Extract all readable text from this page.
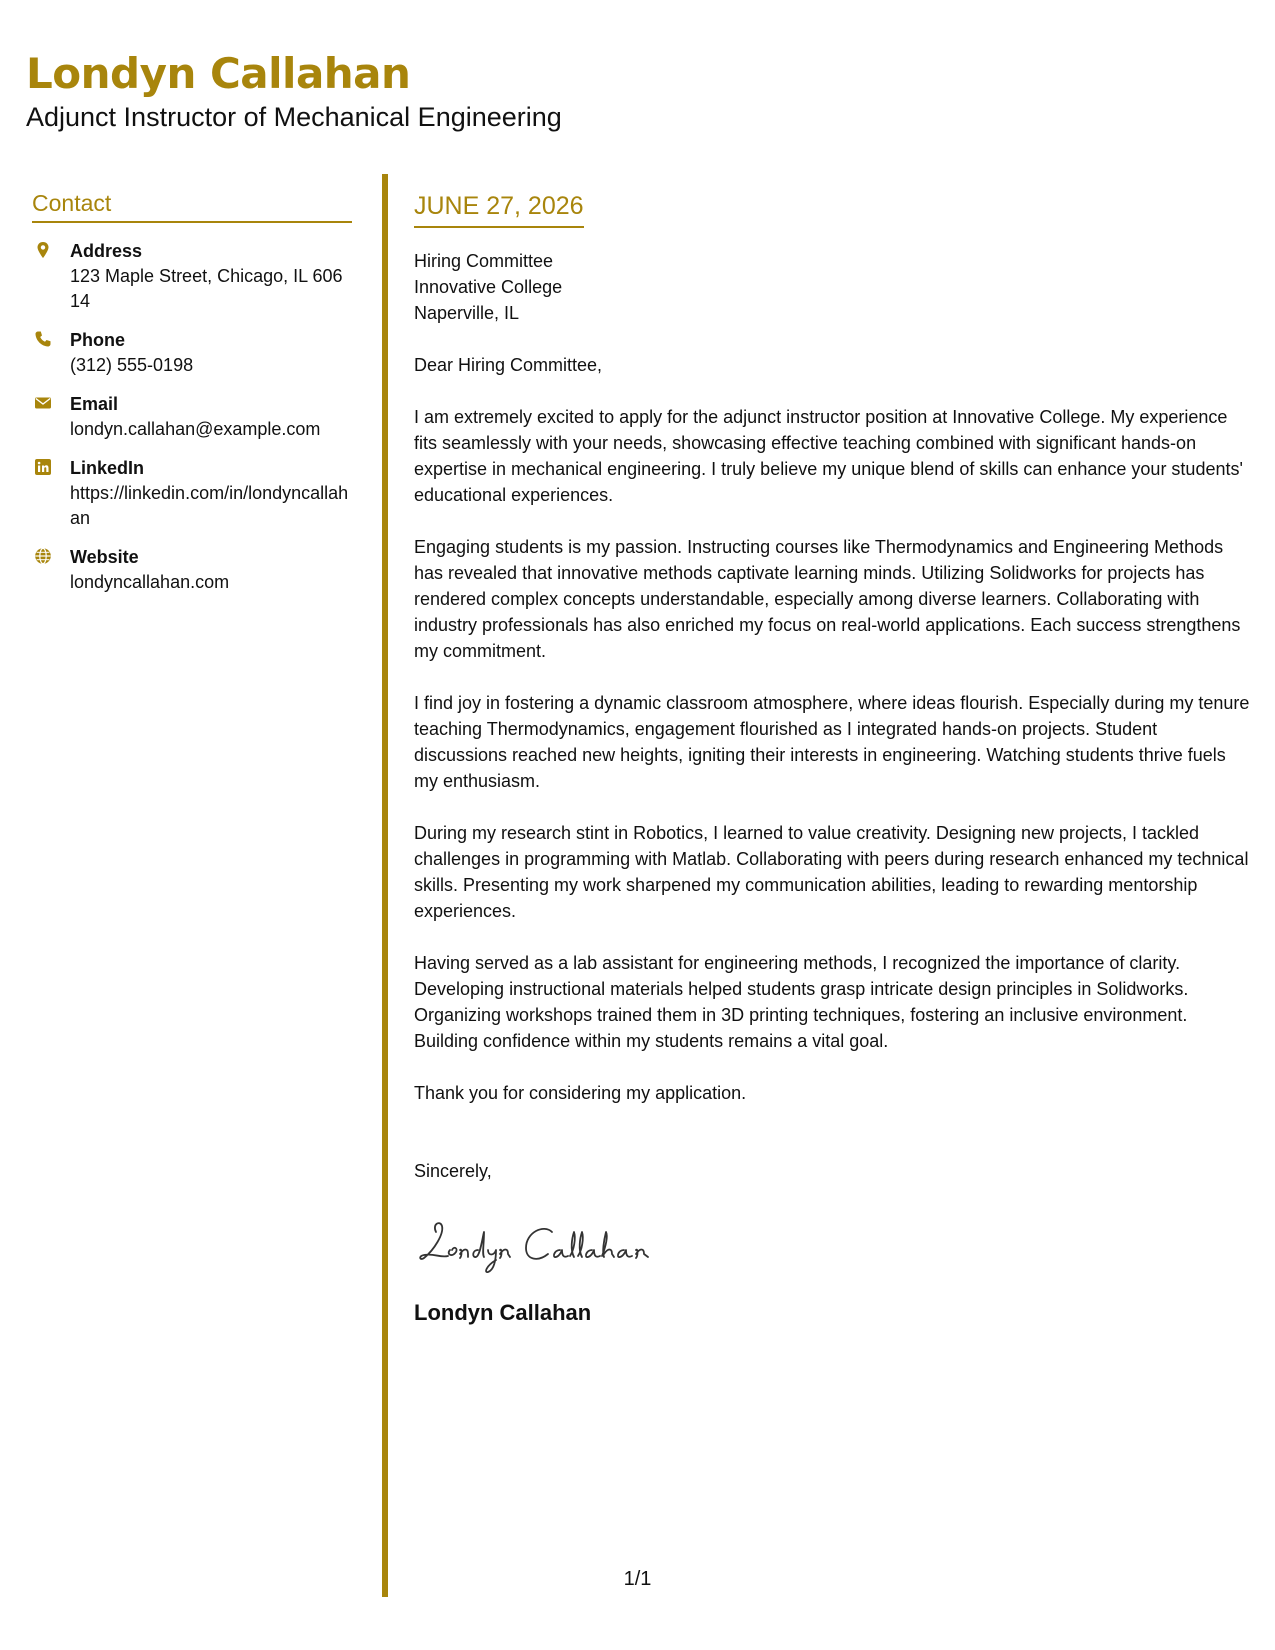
Londyn Callahan
Adjunct Instructor of Mechanical Engineering
Contact
Address
123 Maple Street, Chicago, IL 60614
Phone
(312) 555-0198
Email
londyn.callahan@example.com
LinkedIn
https://linkedin.com/in/londyncallahan
Website
londyncallahan.com
JUNE 27, 2026
Hiring Committee
Innovative College
Naperville, IL
Dear Hiring Committee,

I am extremely excited to apply for the adjunct instructor position at Innovative College. My experience fits seamlessly with your needs, showcasing effective teaching combined with significant hands-on expertise in mechanical engineering. I truly believe my unique blend of skills can enhance your students' educational experiences.

Engaging students is my passion. Instructing courses like Thermodynamics and Engineering Methods has revealed that innovative methods captivate learning minds. Utilizing Solidworks for projects has rendered complex concepts understandable, especially among diverse learners. Collaborating with industry professionals has also enriched my focus on real-world applications. Each success strengthens my commitment.

I find joy in fostering a dynamic classroom atmosphere, where ideas flourish. Especially during my tenure teaching Thermodynamics, engagement flourished as I integrated hands-on projects. Student discussions reached new heights, igniting their interests in engineering. Watching students thrive fuels my enthusiasm.

During my research stint in Robotics, I learned to value creativity. Designing new projects, I tackled challenges in programming with Matlab. Collaborating with peers during research enhanced my technical skills. Presenting my work sharpened my communication abilities, leading to rewarding mentorship experiences.

Having served as a lab assistant for engineering methods, I recognized the importance of clarity. Developing instructional materials helped students grasp intricate design principles in Solidworks. Organizing workshops trained them in 3D printing techniques, fostering an inclusive environment. Building confidence within my students remains a vital goal.

Thank you for considering my application.

Sincerely,
Londyn Callahan
1/1
